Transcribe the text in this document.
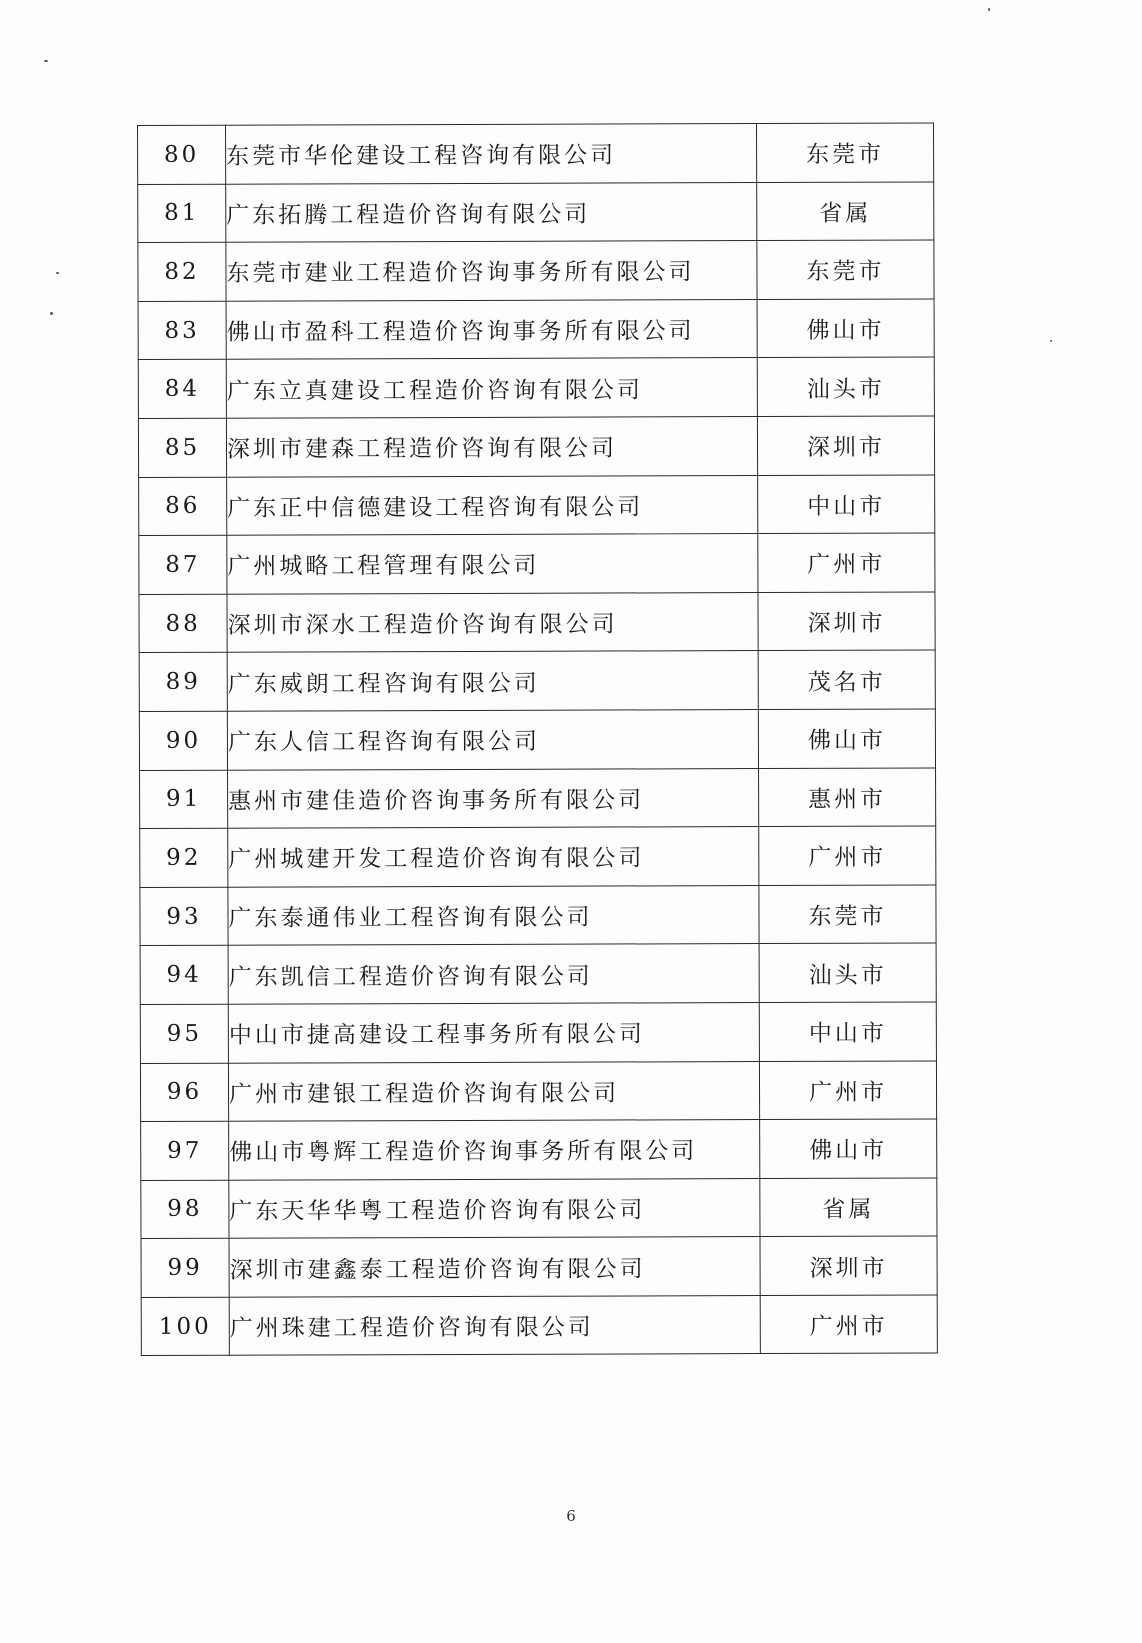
80	东莞市华伦建设工程咨询有限公司	东莞市
81	广东拓腾工程造价咨询有限公司	省属
82	东莞市建业工程造价咨询事务所有限公司	东莞市
83	佛山市盈科工程造价咨询事务所有限公司	佛山市
84	广东立真建设工程造价咨询有限公司	汕头市
85	深圳市建森工程造价咨询有限公司	深圳市
86	广东正中信德建设工程咨询有限公司	中山市
87	广州城略工程管理有限公司	广州市
88	深圳市深水工程造价咨询有限公司	深圳市
89	广东威朗工程咨询有限公司	茂名市
90	广东人信工程咨询有限公司	佛山市
91	惠州市建佳造价咨询事务所有限公司	惠州市
92	广州城建开发工程造价咨询有限公司	广州市
93	广东泰通伟业工程咨询有限公司	东莞市
94	广东凯信工程造价咨询有限公司	汕头市
95	中山市捷高建设工程事务所有限公司	中山市
96	广州市建银工程造价咨询有限公司	广州市
97	佛山市粤辉工程造价咨询事务所有限公司	佛山市
98	广东天华华粤工程造价咨询有限公司	省属
99	深圳市建鑫泰工程造价咨询有限公司	深圳市
100	广州珠建工程造价咨询有限公司	广州市
6
